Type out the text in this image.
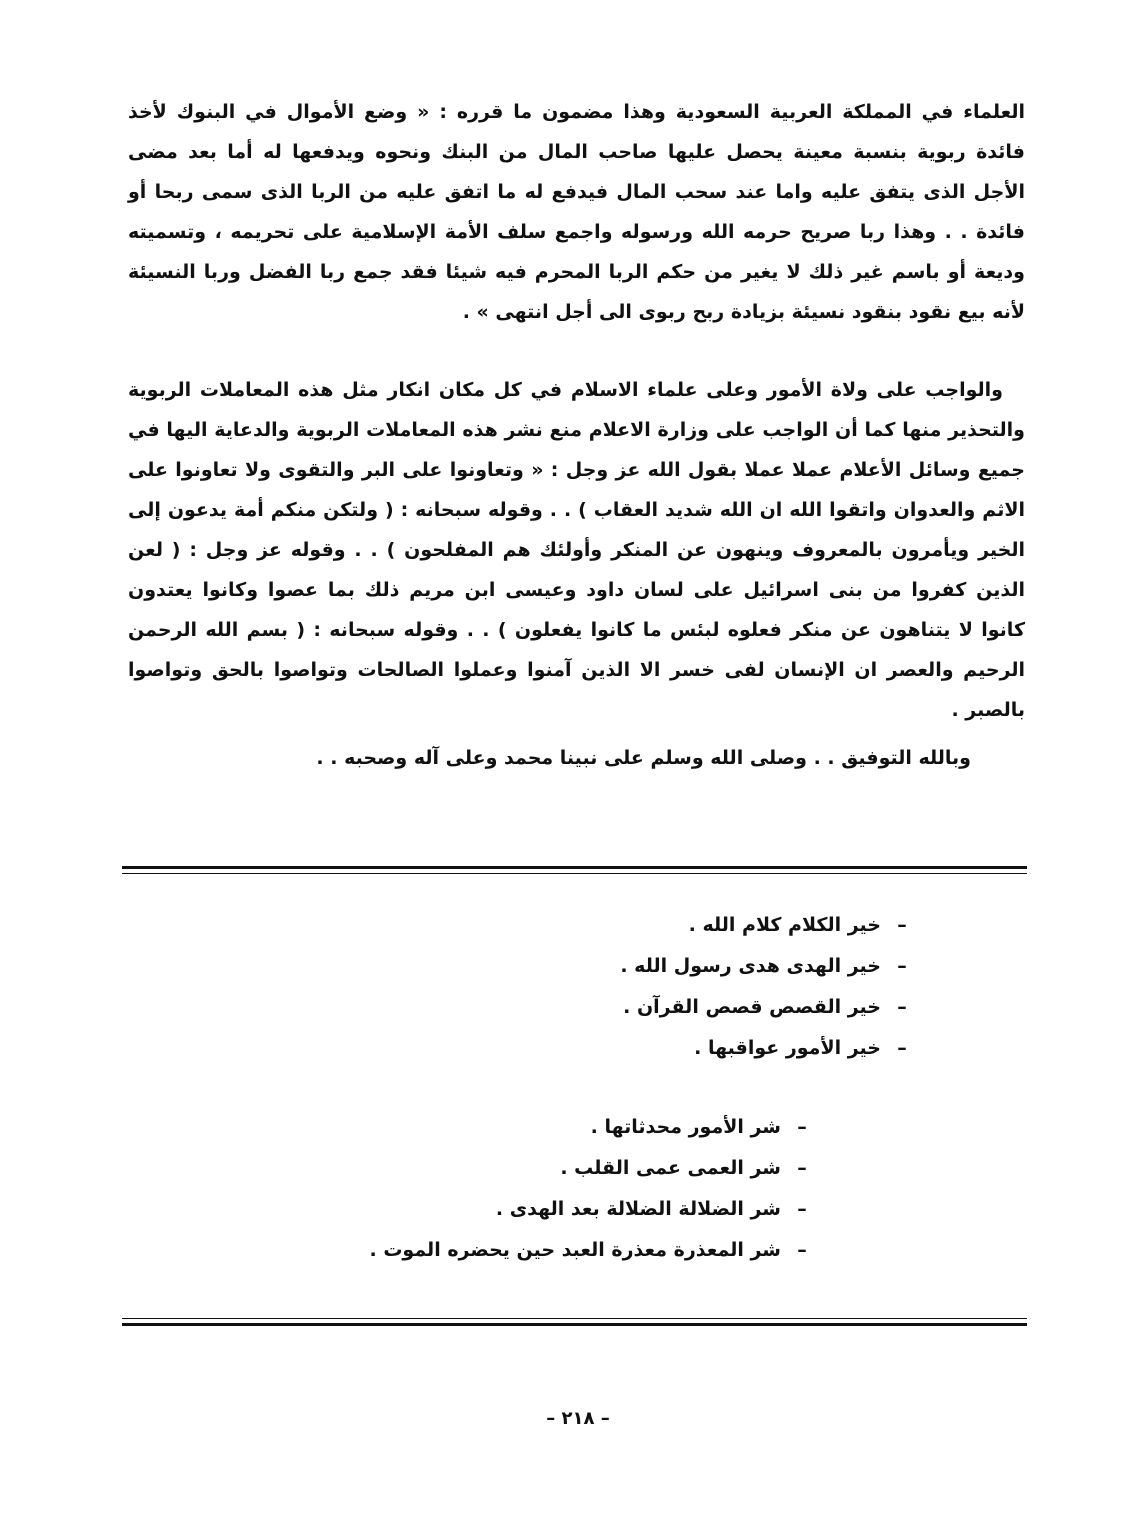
العلماء في المملكة العربية السعودية وهذا مضمون ما قرره : « وضع الأموال في البنوك لأخذ فائدة ربوية بنسبة معينة يحصل عليها صاحب المال من البنك ونحوه ويدفعها له أما بعد مضى الأجل الذى يتفق عليه واما عند سحب المال فيدفع له ما اتفق عليه من الربا الذى سمى ربحا أو فائدة . . وهذا ربا صريح حرمه الله ورسوله واجمع سلف الأمة الإسلامية على تحريمه ، وتسميته وديعة أو باسم غير ذلك لا يغير من حكم الربا المحرم فيه شيئا فقد جمع ربا الفضل وربا النسيئة لأنه بيع نقود بنقود نسيئة بزيادة ربح ربوى الى أجل انتهى » .

والواجب على ولاة الأمور وعلى علماء الاسلام في كل مكان انكار مثل هذه المعاملات الربوية والتحذير منها كما أن الواجب على وزارة الاعلام منع نشر هذه المعاملات الربوية والدعاية اليها في جميع وسائل الأعلام عملا عملا بقول الله عز وجل : « وتعاونوا على البر والتقوى ولا تعاونوا على الاثم والعدوان واتقوا الله ان الله شديد العقاب ) . . وقوله سبحانه : ( ولتكن منكم أمة يدعون إلى الخير ويأمرون بالمعروف وينهون عن المنكر وأولئك هم المفلحون ) . . وقوله عز وجل : ( لعن الذين كفروا من بنى اسرائيل على لسان داود وعيسى ابن مريم ذلك بما عصوا وكانوا يعتدون كانوا لا يتناهون عن منكر فعلوه لبئس ما كانوا يفعلون ) . . وقوله سبحانه : ( بسم الله الرحمن الرحيم والعصر ان الإنسان لفى خسر الا الذين آمنوا وعملوا الصالحات وتواصوا بالحق وتواصوا بالصبر .

وبالله التوفيق . . وصلى الله وسلم على نبينا محمد وعلى آله وصحبه . .

–خير الكلام كلام الله .
–خير الهدى هدى رسول الله .
–خير القصص قصص القرآن .
–خير الأمور عواقبها .
–شر الأمور محدثاتها .
–شر العمى عمى القلب .
–شر الضلالة الضلالة بعد الهدى .
–شر المعذرة معذرة العبد حين يحضره الموت .
– ٢١٨ –
